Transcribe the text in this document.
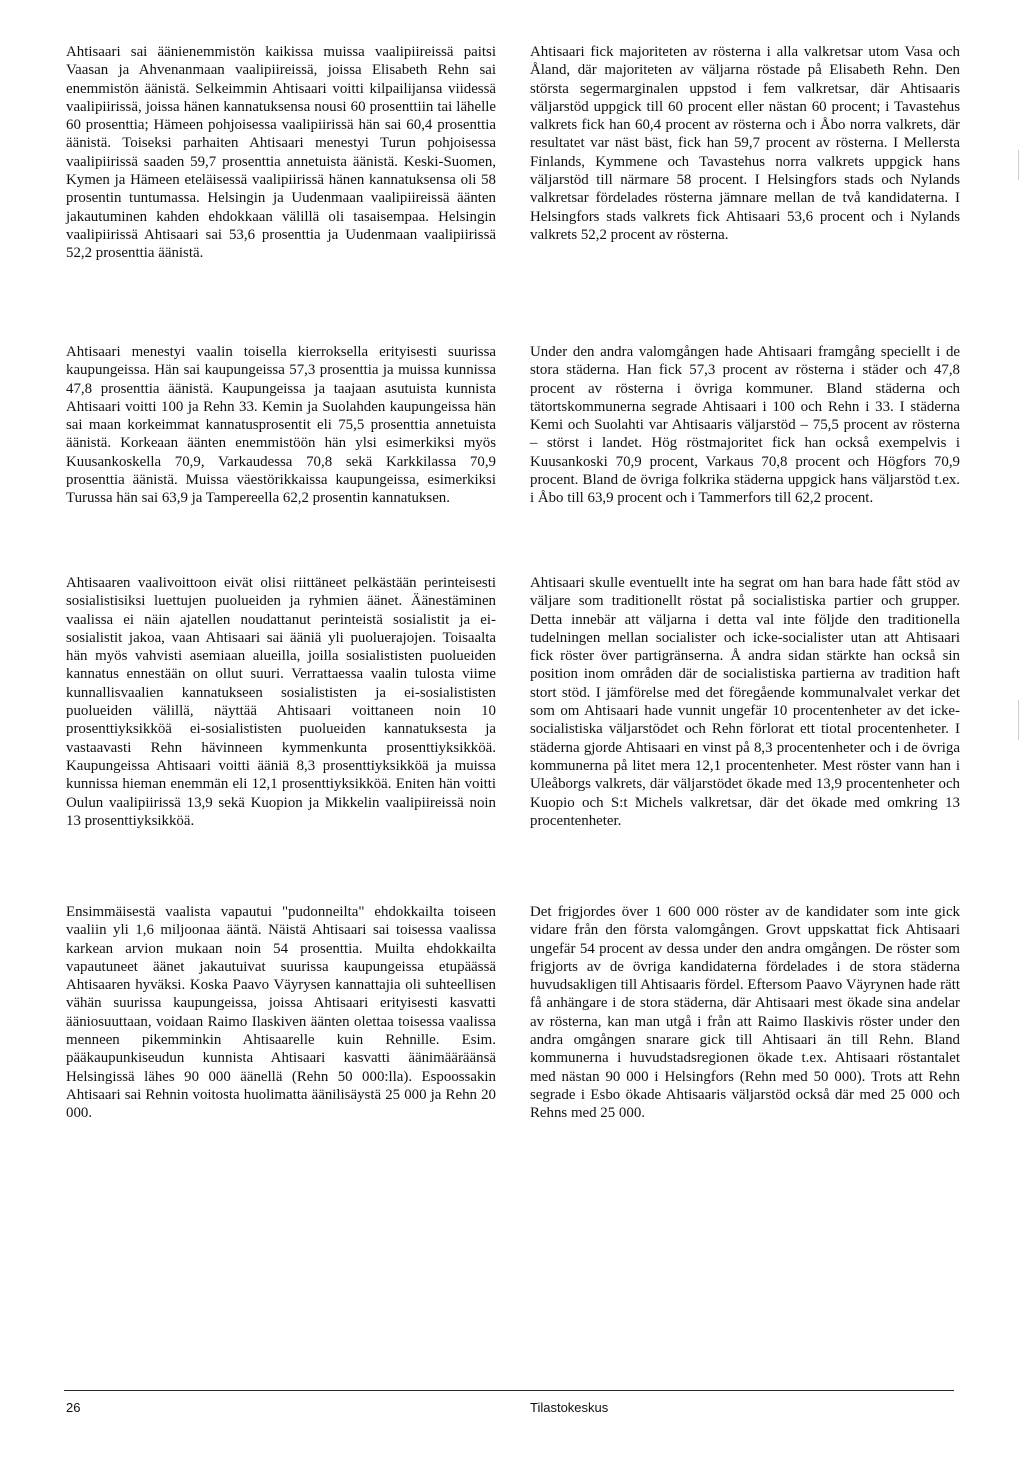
Ahtisaari sai äänienemmistön kaikissa muissa vaalipiireissä paitsi Vaasan ja Ahvenanmaan vaalipiireissä, joissa Elisabeth Rehn sai enemmistön äänistä. Selkeimmin Ahtisaari voitti kilpailijansa viidessä vaalipiirissä, joissa hänen kannatuksensa nousi 60 prosenttiin tai lähelle 60 prosenttia; Hämeen pohjoisessa vaalipiirissä hän sai 60,4 prosenttia äänistä. Toiseksi parhaiten Ahtisaari menestyi Turun pohjoisessa vaalipiirissä saaden 59,7 prosenttia annetuista äänistä. Keski-Suomen, Kymen ja Hämeen eteläisessä vaalipiirissä hänen kannatuksensa oli 58 prosentin tuntumassa. Helsingin ja Uudenmaan vaalipiireissä äänten jakautuminen kahden ehdokkaan välillä oli tasaisempaa. Helsingin vaalipiirissä Ahtisaari sai 53,6 prosenttia ja Uudenmaan vaalipiirissä 52,2 prosenttia äänistä.

Ahtisaari menestyi vaalin toisella kierroksella erityisesti suurissa kaupungeissa. Hän sai kaupungeissa 57,3 prosenttia ja muissa kunnissa 47,8 prosenttia äänistä. Kaupungeissa ja taajaan asutuista kunnista Ahtisaari voitti 100 ja Rehn 33. Kemin ja Suolahden kaupungeissa hän sai maan korkeimmat kannatusprosentit eli 75,5 prosenttia annetuista äänistä. Korkeaan äänten enemmistöön hän ylsi esimerkiksi myös Kuusankoskella 70,9, Varkaudessa 70,8 sekä Karkkilassa 70,9 prosenttia äänistä. Muissa väestörikkaissa kaupungeissa, esimerkiksi Turussa hän sai 63,9 ja Tampereella 62,2 prosentin kannatuksen.

Ahtisaaren vaalivoittoon eivät olisi riittäneet pelkästään perinteisesti sosialistisiksi luettujen puolueiden ja ryhmien äänet. Äänestäminen vaalissa ei näin ajatellen noudattanut perinteistä sosialistit ja ei-sosialistit jakoa, vaan Ahtisaari sai ääniä yli puoluerajojen. Toisaalta hän myös vahvisti asemiaan alueilla, joilla sosialististen puolueiden kannatus ennestään on ollut suuri. Verrattaessa vaalin tulosta viime kunnallisvaalien kannatukseen sosialististen ja ei-sosialististen puolueiden välillä, näyttää Ahtisaari voittaneen noin 10 prosenttiyksikköä ei-sosialististen puolueiden kannatuksesta ja vastaavasti Rehn hävinneen kymmenkunta prosenttiyksikköä. Kaupungeissa Ahtisaari voitti ääniä 8,3 prosenttiyksikköä ja muissa kunnissa hieman enemmän eli 12,1 prosenttiyksikköä. Eniten hän voitti Oulun vaalipiirissä 13,9 sekä Kuopion ja Mikkelin vaalipiireissä noin 13 prosenttiyksikköä.

Ensimmäisestä vaalista vapautui "pudonneilta" ehdokkailta toiseen vaaliin yli 1,6 miljoonaa ääntä. Näistä Ahtisaari sai toisessa vaalissa karkean arvion mukaan noin 54 prosenttia. Muilta ehdokkailta vapautuneet äänet jakautuivat suurissa kaupungeissa etupäässä Ahtisaaren hyväksi. Koska Paavo Väyrysen kannattajia oli suhteellisen vähän suurissa kaupungeissa, joissa Ahtisaari erityisesti kasvatti ääniosuuttaan, voidaan Raimo Ilaskiven äänten olettaa toisessa vaalissa menneen pikemminkin Ahtisaarelle kuin Rehnille. Esim. pääkaupunkiseudun kunnista Ahtisaari kasvatti äänimääräänsä Helsingissä lähes 90 000 äänellä (Rehn 50 000:lla). Espoossakin Ahtisaari sai Rehnin voitosta huolimatta äänilisäystä 25 000 ja Rehn 20 000.

Ahtisaari fick majoriteten av rösterna i alla valkretsar utom Vasa och Åland, där majoriteten av väljarna röstade på Elisabeth Rehn. Den största segermarginalen uppstod i fem valkretsar, där Ahtisaaris väljarstöd uppgick till 60 procent eller nästan 60 procent; i Tavastehus valkrets fick han 60,4 procent av rösterna och i Åbo norra valkrets, där resultatet var näst bäst, fick han 59,7 procent av rösterna. I Mellersta Finlands, Kymmene och Tavastehus norra valkrets uppgick hans väljarstöd till närmare 58 procent. I Helsingfors stads och Nylands valkretsar fördelades rösterna jämnare mellan de två kandidaterna. I Helsingfors stads valkrets fick Ahtisaari 53,6 procent och i Nylands valkrets 52,2 procent av rösterna.

Under den andra valomgången hade Ahtisaari framgång speciellt i de stora städerna. Han fick 57,3 procent av rösterna i städer och 47,8 procent av rösterna i övriga kommuner. Bland städerna och tätortskommunerna segrade Ahtisaari i 100 och Rehn i 33. I städerna Kemi och Suolahti var Ahtisaaris väljarstöd – 75,5 procent av rösterna – störst i landet. Hög röstmajoritet fick han också exempelvis i Kuusankoski 70,9 procent, Varkaus 70,8 procent och Högfors 70,9 procent. Bland de övriga folkrika städerna uppgick hans väljarstöd t.ex. i Åbo till 63,9 procent och i Tammerfors till 62,2 procent.

Ahtisaari skulle eventuellt inte ha segrat om han bara hade fått stöd av väljare som traditionellt röstat på socialistiska partier och grupper. Detta innebär att väljarna i detta val inte följde den traditionella tudelningen mellan socialister och icke-socialister utan att Ahtisaari fick röster över partigränserna. Å andra sidan stärkte han också sin position inom områden där de socialistiska partierna av tradition haft stort stöd. I jämförelse med det föregående kommunalvalet verkar det som om Ahtisaari hade vunnit ungefär 10 procentenheter av det icke-socialistiska väljarstödet och Rehn förlorat ett tiotal procentenheter. I städerna gjorde Ahtisaari en vinst på 8,3 procentenheter och i de övriga kommunerna på litet mera 12,1 procentenheter. Mest röster vann han i Uleåborgs valkrets, där väljarstödet ökade med 13,9 procentenheter och Kuopio och S:t Michels valkretsar, där det ökade med omkring 13 procentenheter.

Det frigjordes över 1 600 000 röster av de kandidater som inte gick vidare från den första valomgången. Grovt uppskattat fick Ahtisaari ungefär 54 procent av dessa under den andra omgången. De röster som frigjorts av de övriga kandidaterna fördelades i de stora städerna huvudsakligen till Ahtisaaris fördel. Eftersom Paavo Väyrynen hade rätt få anhängare i de stora städerna, där Ahtisaari mest ökade sina andelar av rösterna, kan man utgå i från att Raimo Ilaskivis röster under den andra omgången snarare gick till Ahtisaari än till Rehn. Bland kommunerna i huvudstadsregionen ökade t.ex. Ahtisaari röstantalet med nästan 90 000 i Helsingfors (Rehn med 50 000). Trots att Rehn segrade i Esbo ökade Ahtisaaris väljarstöd också där med 25 000 och Rehns med 25 000.

26	Tilastokeskus
